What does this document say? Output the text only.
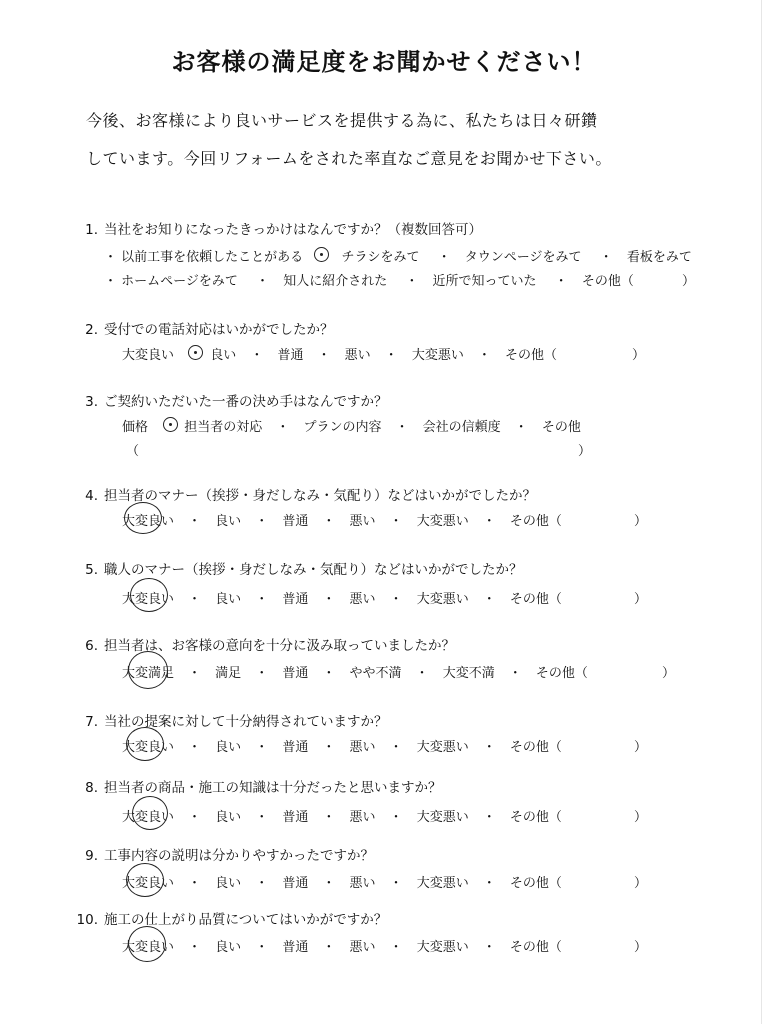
お客様の満足度をお聞かせください！
今後、お客様により良いサービスを提供する為に、私たちは日々研鑽
しています。今回リフォームをされた率直なご意見をお聞かせ下さい。
1. 当社をお知りになったきっかけはなんですか？（複数回答可）
・ 以前工事を依頼したことがある	チラシをみて ・ タウンページをみて ・ 看板をみて
・ ホームページをみて ・ 知人に紹介された ・ 近所で知っていた ・ その他（	）
2. 受付での電話対応はいかがでしたか？
大変良い	良い ・ 普通 ・ 悪い ・ 大変悪い ・ その他（	）
3. ご契約いただいた一番の決め手はなんですか？
価格	担当者の対応 ・ プランの内容 ・ 会社の信頼度 ・ その他
（	）
4. 担当者のマナー（挨拶・身だしなみ・気配り）などはいかがでしたか？
大変良い ・ 良い ・ 普通 ・ 悪い ・ 大変悪い ・ その他（	）
5. 職人のマナー（挨拶・身だしなみ・気配り）などはいかがでしたか？
大変良い ・ 良い ・ 普通 ・ 悪い ・ 大変悪い ・ その他（	）
6. 担当者は、お客様の意向を十分に汲み取っていましたか？
大変満足 ・ 満足 ・ 普通 ・ やや不満 ・ 大変不満 ・ その他（	）
7. 当社の提案に対して十分納得されていますか？
大変良い ・ 良い ・ 普通 ・ 悪い ・ 大変悪い ・ その他（	）
8. 担当者の商品・施工の知識は十分だったと思いますか？
大変良い ・ 良い ・ 普通 ・ 悪い ・ 大変悪い ・ その他（	）
9. 工事内容の説明は分かりやすかったですか？
大変良い ・ 良い ・ 普通 ・ 悪い ・ 大変悪い ・ その他（	）
10. 施工の仕上がり品質についてはいかがですか？
大変良い ・ 良い ・ 普通 ・ 悪い ・ 大変悪い ・ その他（	）
